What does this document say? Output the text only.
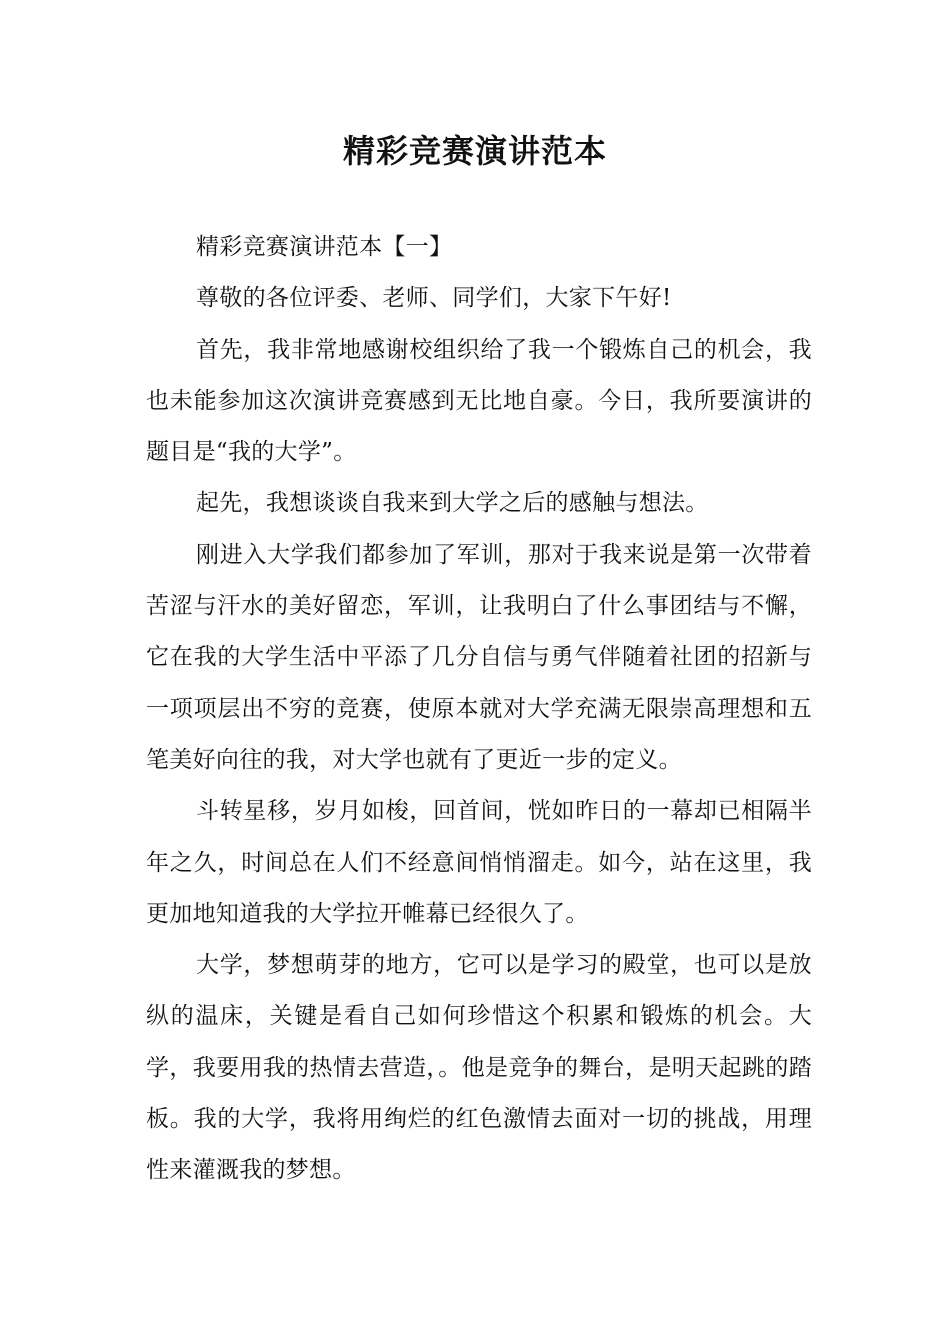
精彩竞赛演讲范本

精彩竞赛演讲范本【一】

尊敬的各位评委、老师、同学们，大家下午好!

首先，我非常地感谢校组织给了我一个锻炼自己的机会，我也未能参加这次演讲竞赛感到无比地自豪。今日，我所要演讲的题目是“我的大学”。

起先，我想谈谈自我来到大学之后的感触与想法。

刚进入大学我们都参加了军训，那对于我来说是第一次带着苦涩与汗水的美好留恋，军训，让我明白了什么事团结与不懈，它在我的大学生活中平添了几分自信与勇气伴随着社团的招新与一项项层出不穷的竞赛，使原本就对大学充满无限崇高理想和五笔美好向往的我，对大学也就有了更近一步的定义。

斗转星移，岁月如梭，回首间，恍如昨日的一幕却已相隔半年之久，时间总在人们不经意间悄悄溜走。如今，站在这里，我更加地知道我的大学拉开帷幕已经很久了。

大学，梦想萌芽的地方，它可以是学习的殿堂，也可以是放纵的温床，关键是看自己如何珍惜这个积累和锻炼的机会。大学，我要用我的热情去营造，。他是竞争的舞台，是明天起跳的踏板。我的大学，我将用绚烂的红色激情去面对一切的挑战，用理性来灌溉我的梦想。
